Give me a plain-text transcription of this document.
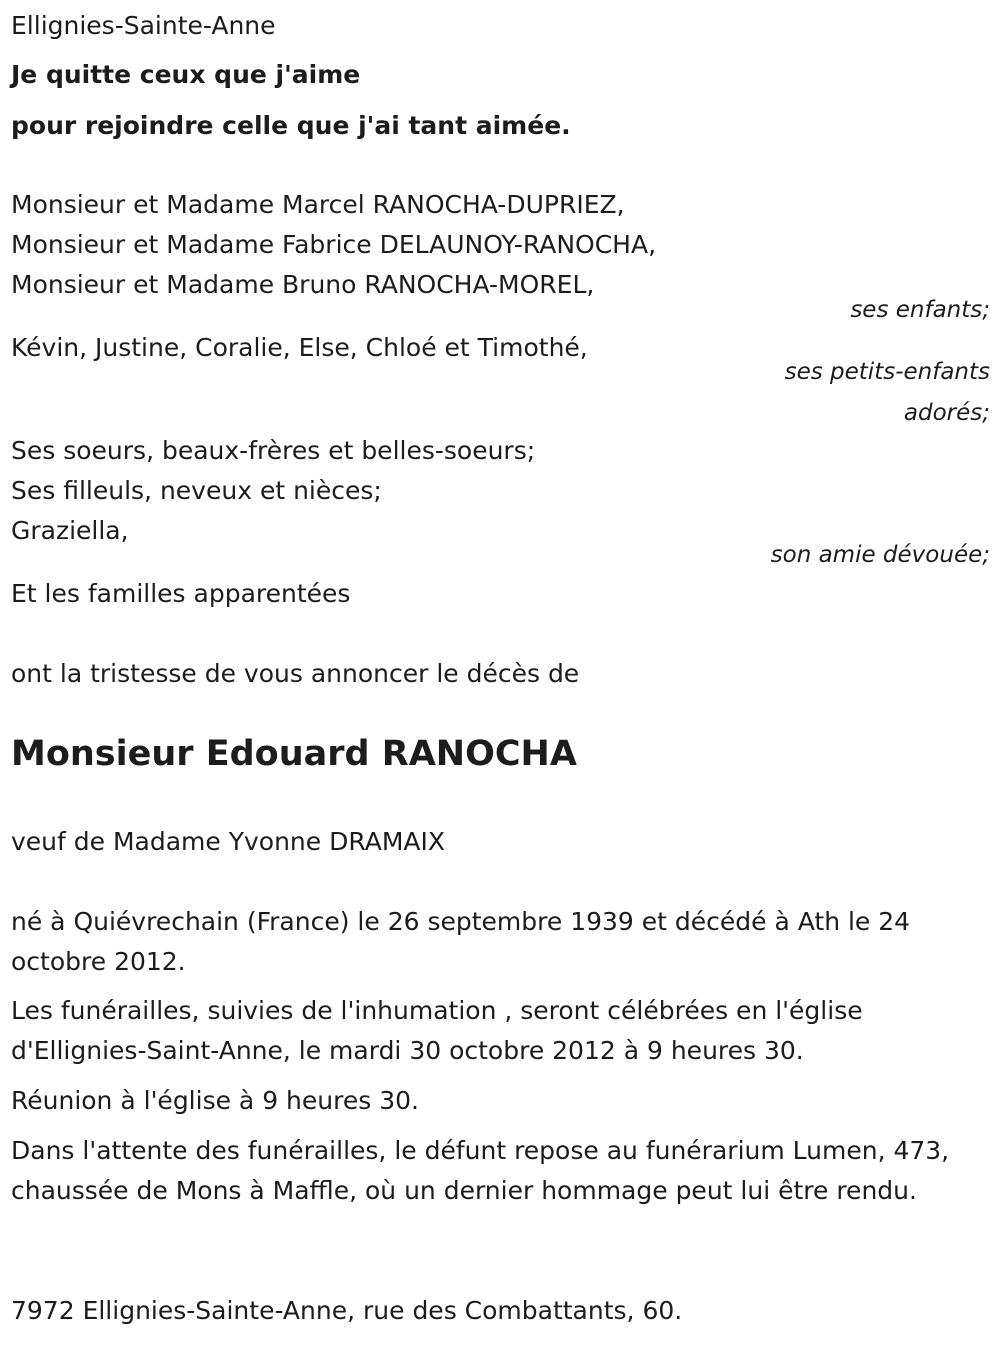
Ellignies-Sainte-Anne
Je quitte ceux que j'aime
pour rejoindre celle que j'ai tant aimée.
Monsieur et Madame Marcel RANOCHA-DUPRIEZ,
Monsieur et Madame Fabrice DELAUNOY-RANOCHA,
Monsieur et Madame Bruno RANOCHA-MOREL,
ses enfants;
Kévin, Justine, Coralie, Else, Chloé et Timothé,
ses petits-enfants
adorés;
Ses soeurs, beaux-frères et belles-soeurs;
Ses filleuls, neveux et nièces;
Graziella,
son amie dévouée;
Et les familles apparentées
ont la tristesse de vous annoncer le décès de
Monsieur Edouard RANOCHA
veuf de Madame Yvonne DRAMAIX
né à Quiévrechain (France) le 26 septembre 1939 et décédé à Ath le 24 octobre 2012.
Les funérailles, suivies de l'inhumation , seront célébrées en l'église d'Ellignies-Saint-Anne, le mardi 30 octobre 2012 à 9 heures 30.
Réunion à l'église à 9 heures 30.
Dans l'attente des funérailles, le défunt repose au funérarium Lumen, 473, chaussée de Mons à Maffle, où un dernier hommage peut lui être rendu.
7972 Ellignies-Sainte-Anne, rue des Combattants, 60.
